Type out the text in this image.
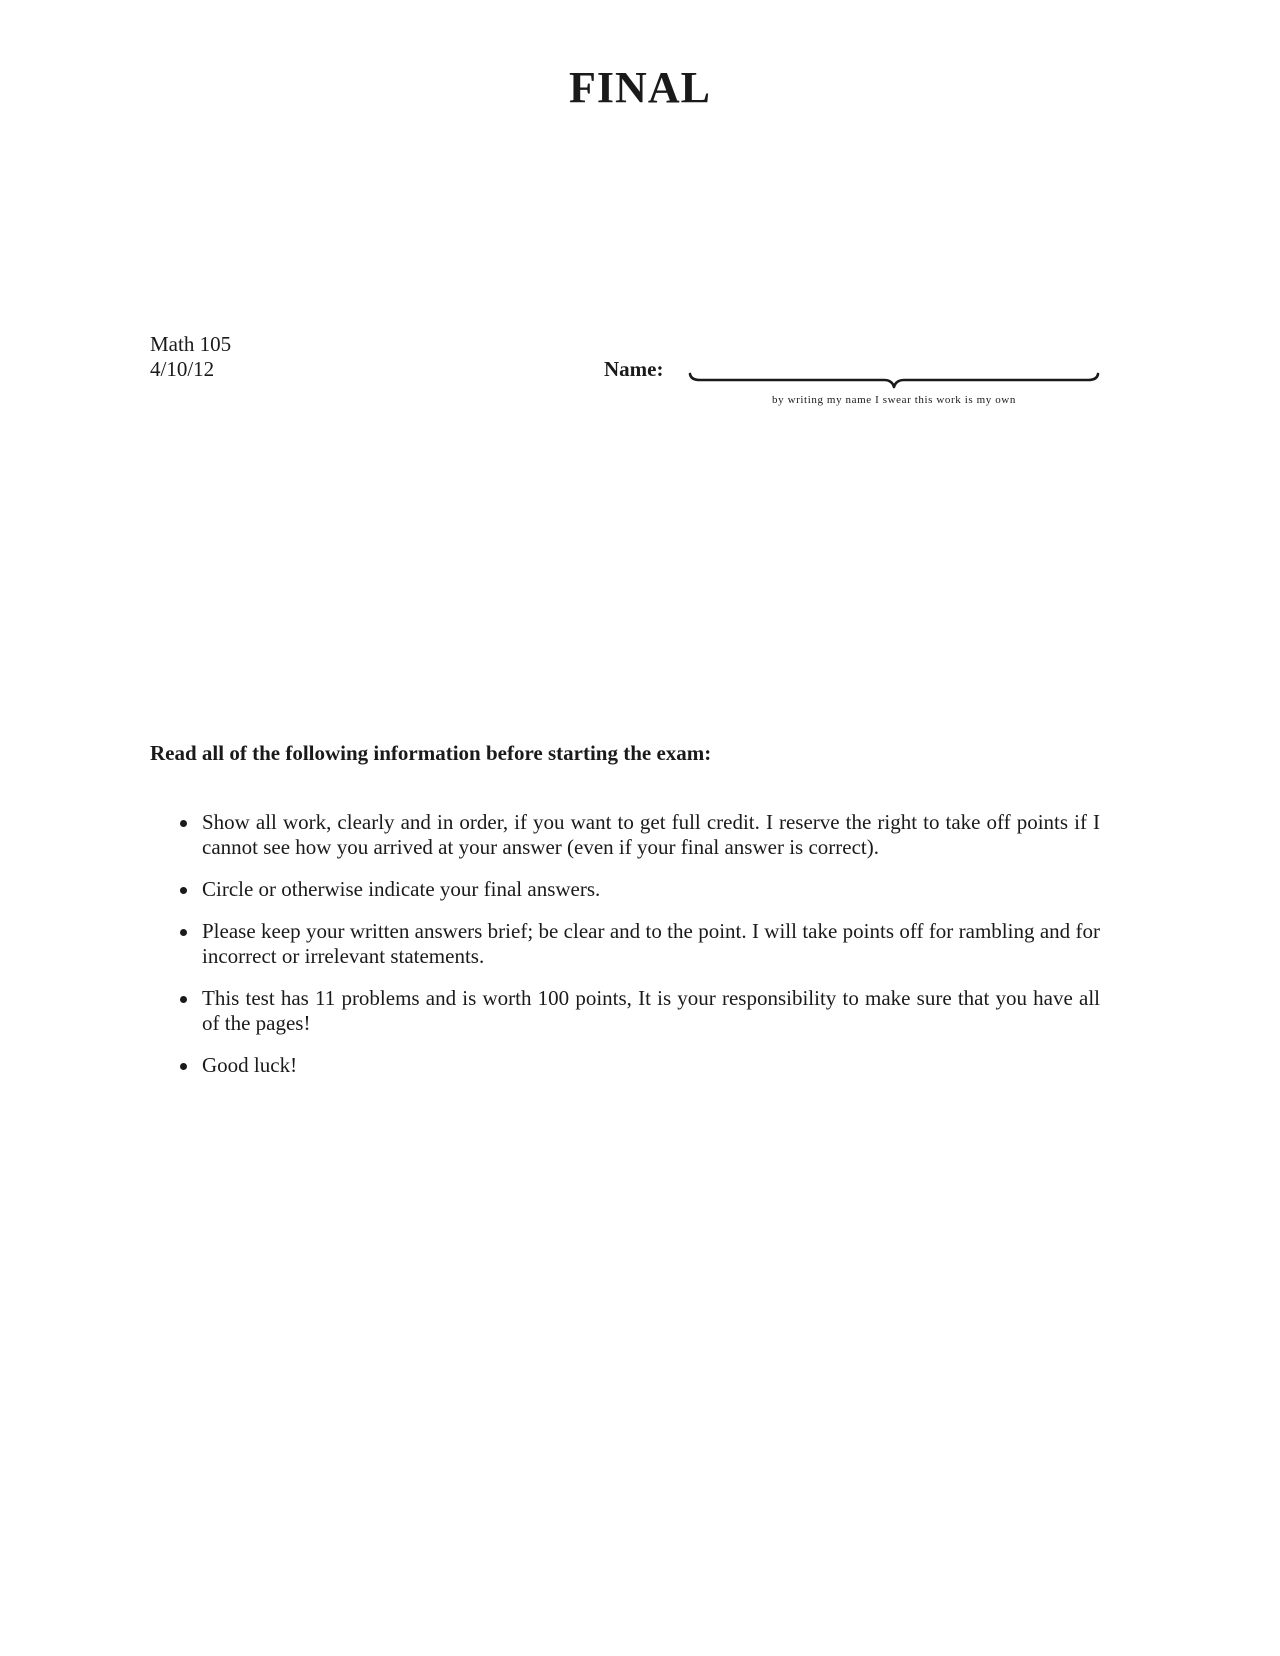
FINAL
Math 105
4/10/12	Name:
by writing my name I swear this work is my own
Read all of the following information before starting the exam:
Show all work, clearly and in order, if you want to get full credit. I reserve the right to take off points if I cannot see how you arrived at your answer (even if your final answer is correct).
Circle or otherwise indicate your final answers.
Please keep your written answers brief; be clear and to the point. I will take points off for rambling and for incorrect or irrelevant statements.
This test has 11 problems and is worth 100 points, It is your responsibility to make sure that you have all of the pages!
Good luck!
